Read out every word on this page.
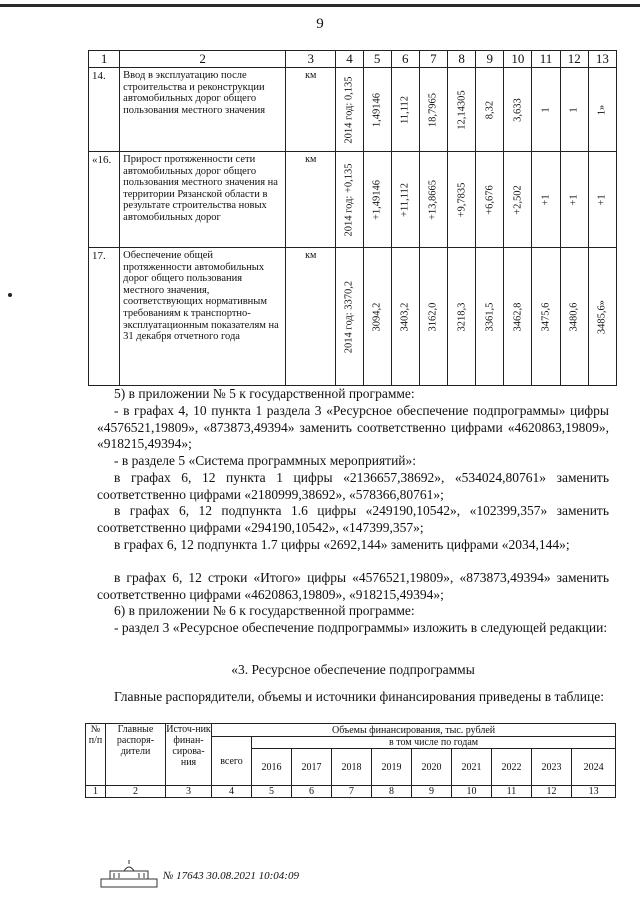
9
1	2	3	4	5	6	7	8	9	10	11	12	13
14.	Ввод в эксплуатацию после строительства и реконструкции автомобильных дорог общего пользования местного значения	км	2014 год: 0,135	1,49146	11,112	18,7965	12,14305	8,32	3,633	1	1	1»

«16.	Прирост протяженности сети автомобильных дорог общего пользования местного значения на территории Рязанской области в результате строительства новых автомобильных дорог	км	2014 год: +0,135	+1,49146	+11,112	+13,8665	+9,7835	+6,676	+2,502	+1	+1	+1

17.	Обеспечение общей протяженности автомобильных дорог общего пользования местного значения, соответствующих нормативным требованиям к транспортно-эксплуатационным показателям на 31 декабря отчетного года	км	2014 год: 3370,2	3094,2	3403,2	3162,0	3218,3	3361,5	3462,8	3475,6	3480,6	3485,6»
5) в приложении № 5 к государственной программе:
- в графах 4, 10 пункта 1 раздела 3 «Ресурсное обеспечение подпрограммы» цифры «4576521,19809», «873873,49394» заменить соответственно цифрами «4620863,19809», «918215,49394»;
- в разделе 5 «Система программных мероприятий»:
в графах 6, 12 пункта 1 цифры «2136657,38692», «534024,80761» заменить соответственно цифрами «2180999,38692», «578366,80761»;
в графах 6, 12 подпункта 1.6 цифры «249190,10542», «102399,357» заменить соответственно цифрами «294190,10542», «147399,357»;
в графах 6, 12 подпункта 1.7 цифры «2692,144» заменить цифрами «2034,144»;
в графах 6, 12 строки «Итого» цифры «4576521,19809», «873873,49394» заменить соответственно цифрами «4620863,19809», «918215,49394»;
6) в приложении № 6 к государственной программе:
- раздел 3 «Ресурсное обеспечение подпрограммы» изложить в следующей редакции:
«3. Ресурсное обеспечение подпрограммы
Главные распорядители, объемы и источники финансирования приведены в таблице:
№ п/п	Главные распоря-дители	Источ-ник финан-сирова-ния	Объемы финансирования, тыс. рублей									
			всего	в том числе по годам								
				2016	2017	2018	2019	2020	2021	2022	2023	2024
1	2	3	4	5	6	7	8	9	10	11	12	13
№ 17643 30.08.2021 10:04:09
